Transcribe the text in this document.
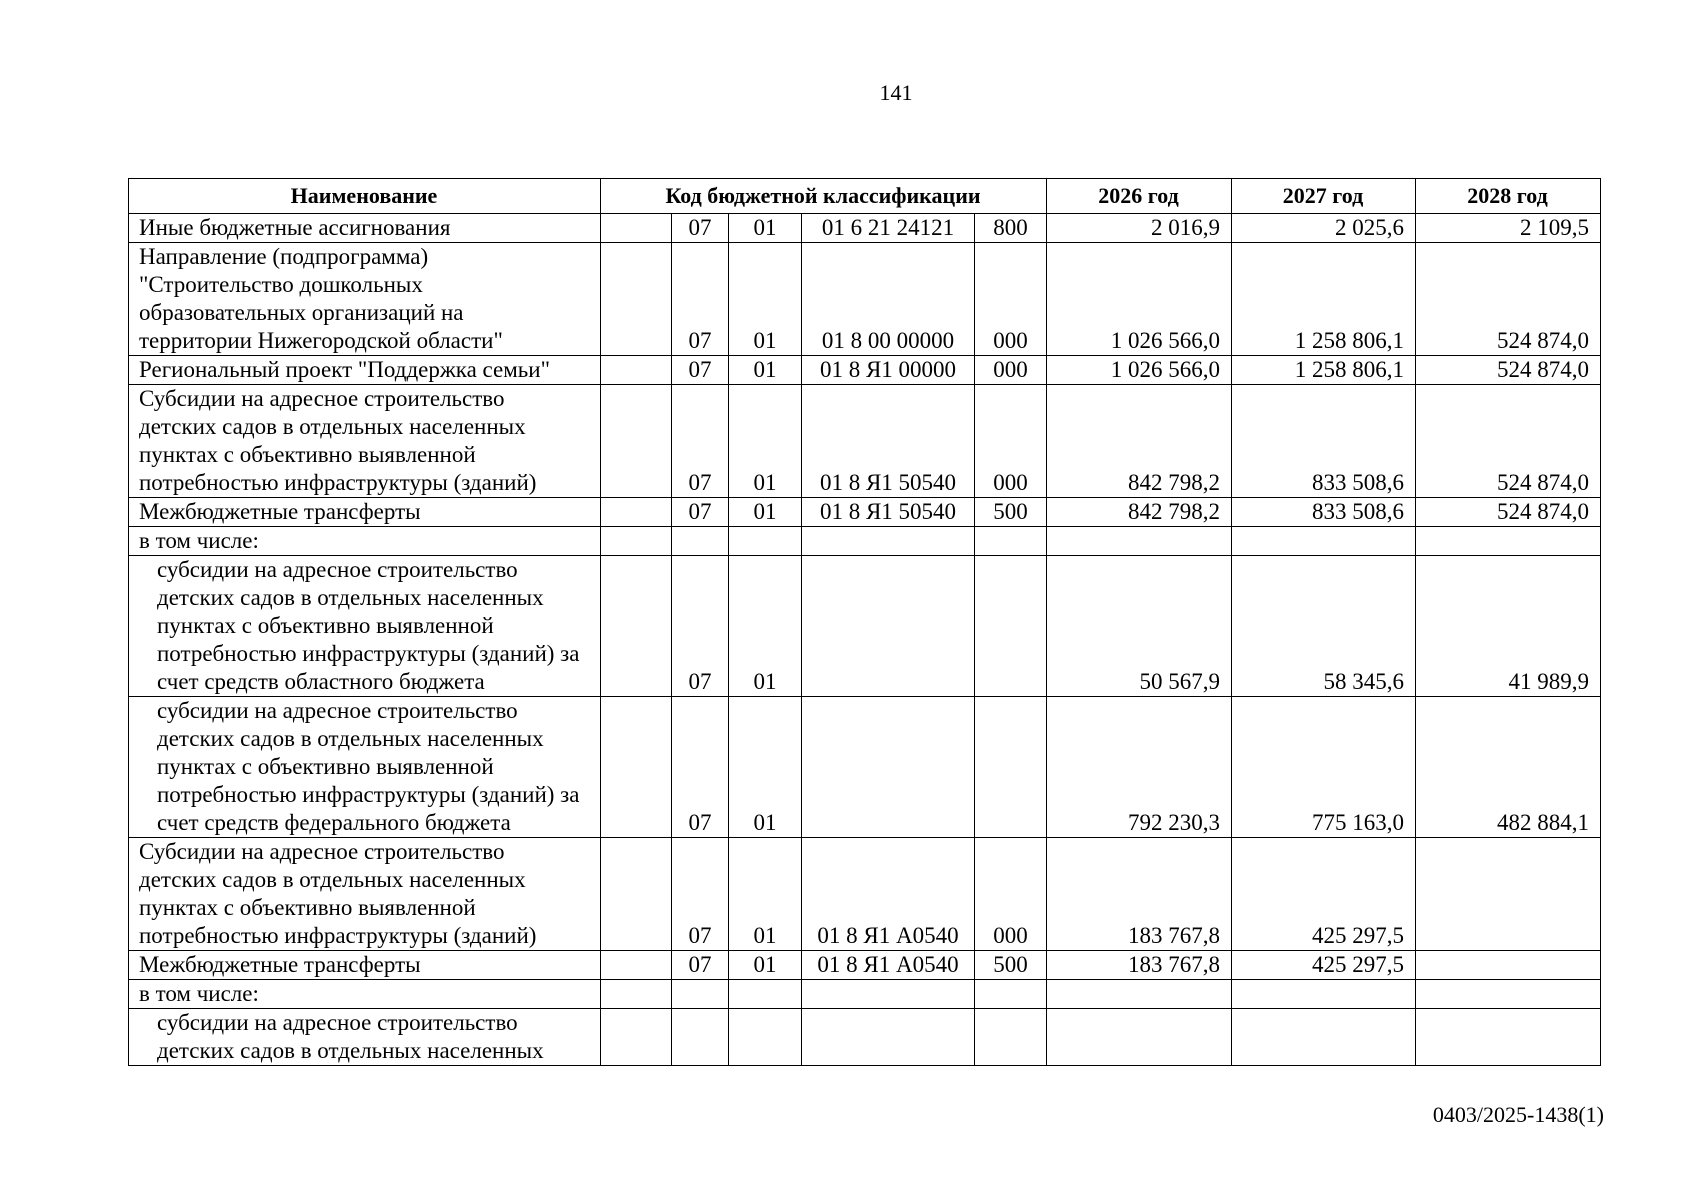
141
Наименование	Код бюджетной классификации					2026 год	2027 год	2028 год
Иные бюджетные ассигнования		07	01	01 6 21 24121	800	2 016,9	2 025,6	2 109,5
Направление (подпрограмма)
"Строительство дошкольных
образовательных организаций на
территории Нижегородской области"		07	01	01 8 00 00000	000	1 026 566,0	1 258 806,1	524 874,0
Региональный проект "Поддержка семьи"		07	01	01 8 Я1 00000	000	1 026 566,0	1 258 806,1	524 874,0
Субсидии на адресное строительство
детских садов в отдельных населенных
пунктах с объективно выявленной
потребностью инфраструктуры (зданий)		07	01	01 8 Я1 50540	000	842 798,2	833 508,6	524 874,0
Межбюджетные трансферты		07	01	01 8 Я1 50540	500	842 798,2	833 508,6	524 874,0
в том числе:								
субсидии на адресное строительство
детских садов в отдельных населенных
пунктах с объективно выявленной
потребностью инфраструктуры (зданий) за
счет средств областного бюджета		07	01			50 567,9	58 345,6	41 989,9
субсидии на адресное строительство
детских садов в отдельных населенных
пунктах с объективно выявленной
потребностью инфраструктуры (зданий) за
счет средств федерального бюджета		07	01			792 230,3	775 163,0	482 884,1
Субсидии на адресное строительство
детских садов в отдельных населенных
пунктах с объективно выявленной
потребностью инфраструктуры (зданий)		07	01	01 8 Я1 А0540	000	183 767,8	425 297,5	
Межбюджетные трансферты		07	01	01 8 Я1 А0540	500	183 767,8	425 297,5	
в том числе:								
субсидии на адресное строительство
детских садов в отдельных населенных								
0403/2025-1438(1)
